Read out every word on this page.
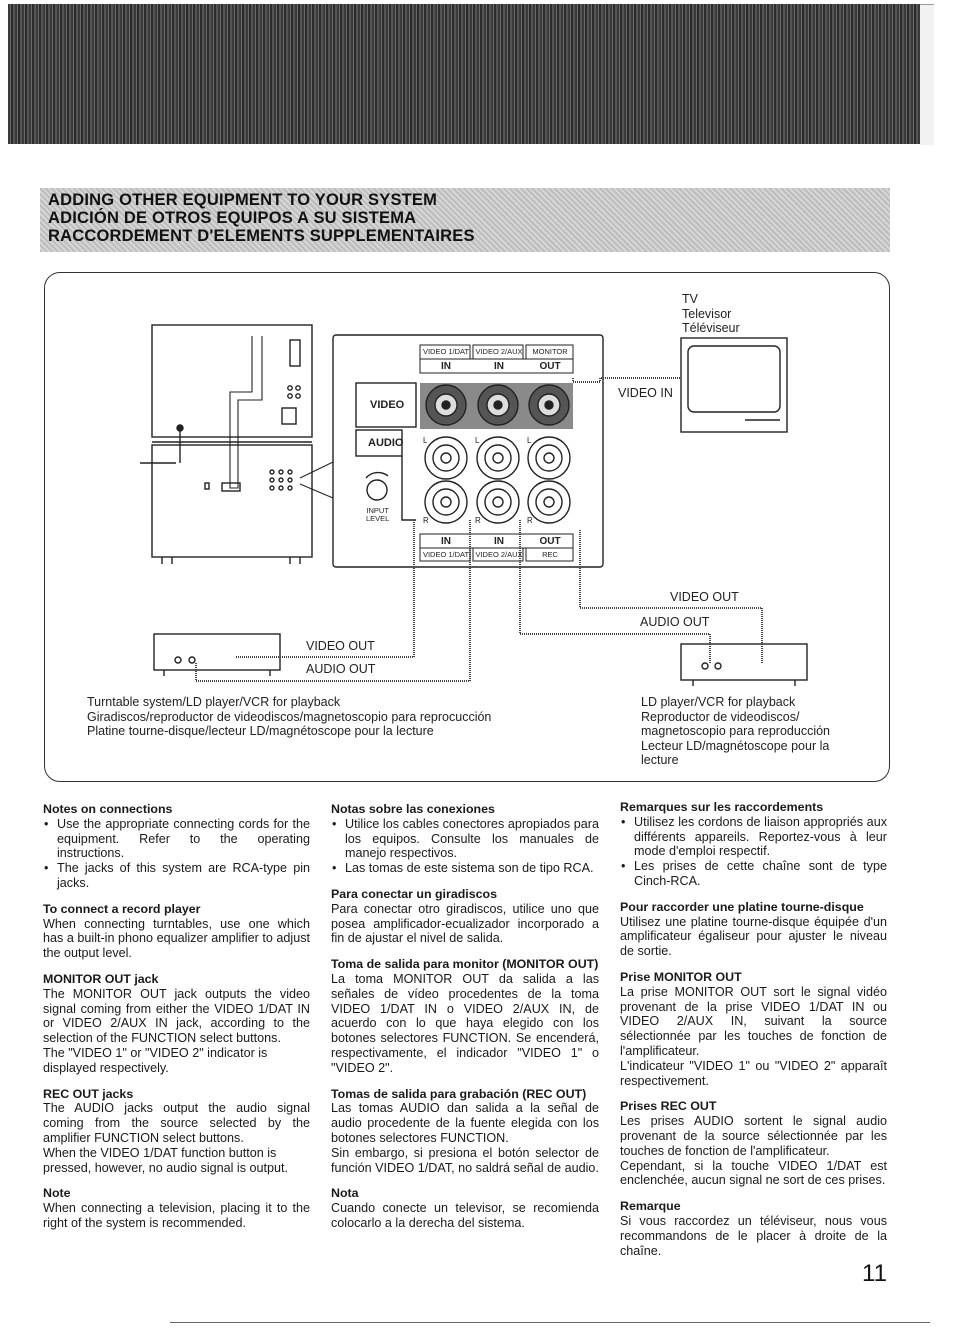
ADDING OTHER EQUIPMENT TO YOUR SYSTEM
ADICIÓN DE OTROS EQUIPOS A SU SISTEMA
RACCORDEMENT D'ELEMENTS SUPPLEMENTAIRES
TV
Televisor
Téléviseur
VIDEO 1/DAT VIDEO 2/AUX	MONITOR
IN	IN	OUT
VIDEO
AUDIO
INPUT
LEVEL
L	L	L
R	R	R
IN	IN	OUT
VIDEO 1/DAT VIDEO 2/AUX	REC
VIDEO IN
VIDEO OUT
AUDIO OUT
VIDEO OUT
AUDIO OUT
Turntable system/LD player/VCR for playback
Giradiscos/reproductor de videodiscos/magnetoscopio para reprocucción
Platine tourne-disque/lecteur LD/magnétoscope pour la lecture
LD player/VCR for playback
Reproductor de videodiscos/
magnetoscopio para reproducción
Lecteur LD/magnétoscope pour la
lecture
Notes on connections
• Use the appropriate connecting cords for the equipment. Refer to the operating instructions.
• The jacks of this system are RCA-type pin jacks.
To connect a record player

When connecting turntables, use one which has a built-in phono equalizer amplifier to adjust the output level.

MONITOR OUT jack

The MONITOR OUT jack outputs the video signal coming from either the VIDEO 1/DAT IN or VIDEO 2/AUX IN jack, according to the selection of the FUNCTION select buttons.

The "VIDEO 1" or "VIDEO 2" indicator is displayed respectively.

REC OUT jacks

The AUDIO jacks output the audio signal coming from the source selected by the amplifier FUNCTION select buttons.

When the VIDEO 1/DAT function button is pressed, however, no audio signal is output.

Note

When connecting a television, placing it to the right of the system is recommended.

Notas sobre las conexiones
• Utilice los cables conectores apropiados para los equipos. Consulte los manuales de manejo respectivos.
• Las tomas de este sistema son de tipo RCA.
Para conectar un giradiscos

Para conectar otro giradiscos, utilice uno que posea amplificador-ecualizador incorporado a fin de ajustar el nivel de salida.

Toma de salida para monitor (MONITOR OUT)

La toma MONITOR OUT da salida a las señales de vídeo procedentes de la toma VIDEO 1/DAT IN o VIDEO 2/AUX IN, de acuerdo con lo que haya elegido con los botones selectores FUNCTION. Se encenderá, respectivamente, el indicador "VIDEO 1" o "VIDEO 2".

Tomas de salida para grabación (REC OUT)

Las tomas AUDIO dan salida a la señal de audio procedente de la fuente elegida con los botones selectores FUNCTION.

Sin embargo, si presiona el botón selector de función VIDEO 1/DAT, no saldrá señal de audio.

Nota

Cuando conecte un televisor, se recomienda colocarlo a la derecha del sistema.

Remarques sur les raccordements
• Utilisez les cordons de liaison appropriés aux différents appareils. Reportez-vous à leur mode d'emploi respectif.
• Les prises de cette chaîne sont de type Cinch-RCA.
Pour raccorder une platine tourne-disque

Utilisez une platine tourne-disque équipée d'un amplificateur égaliseur pour ajuster le niveau de sortie.

Prise MONITOR OUT

La prise MONITOR OUT sort le signal vidéo provenant de la prise VIDEO 1/DAT IN ou VIDEO 2/AUX IN, suivant la source sélectionnée par les touches de fonction de l'amplificateur.

L'indicateur "VIDEO 1" ou "VIDEO 2" apparaît respectivement.

Prises REC OUT

Les prises AUDIO sortent le signal audio provenant de la source sélectionnée par les touches de fonction de l'amplificateur.

Cependant, si la touche VIDEO 1/DAT est enclenchée, aucun signal ne sort de ces prises.

Remarque

Si vous raccordez un téléviseur, nous vous recommandons de le placer à droite de la chaîne.

11
